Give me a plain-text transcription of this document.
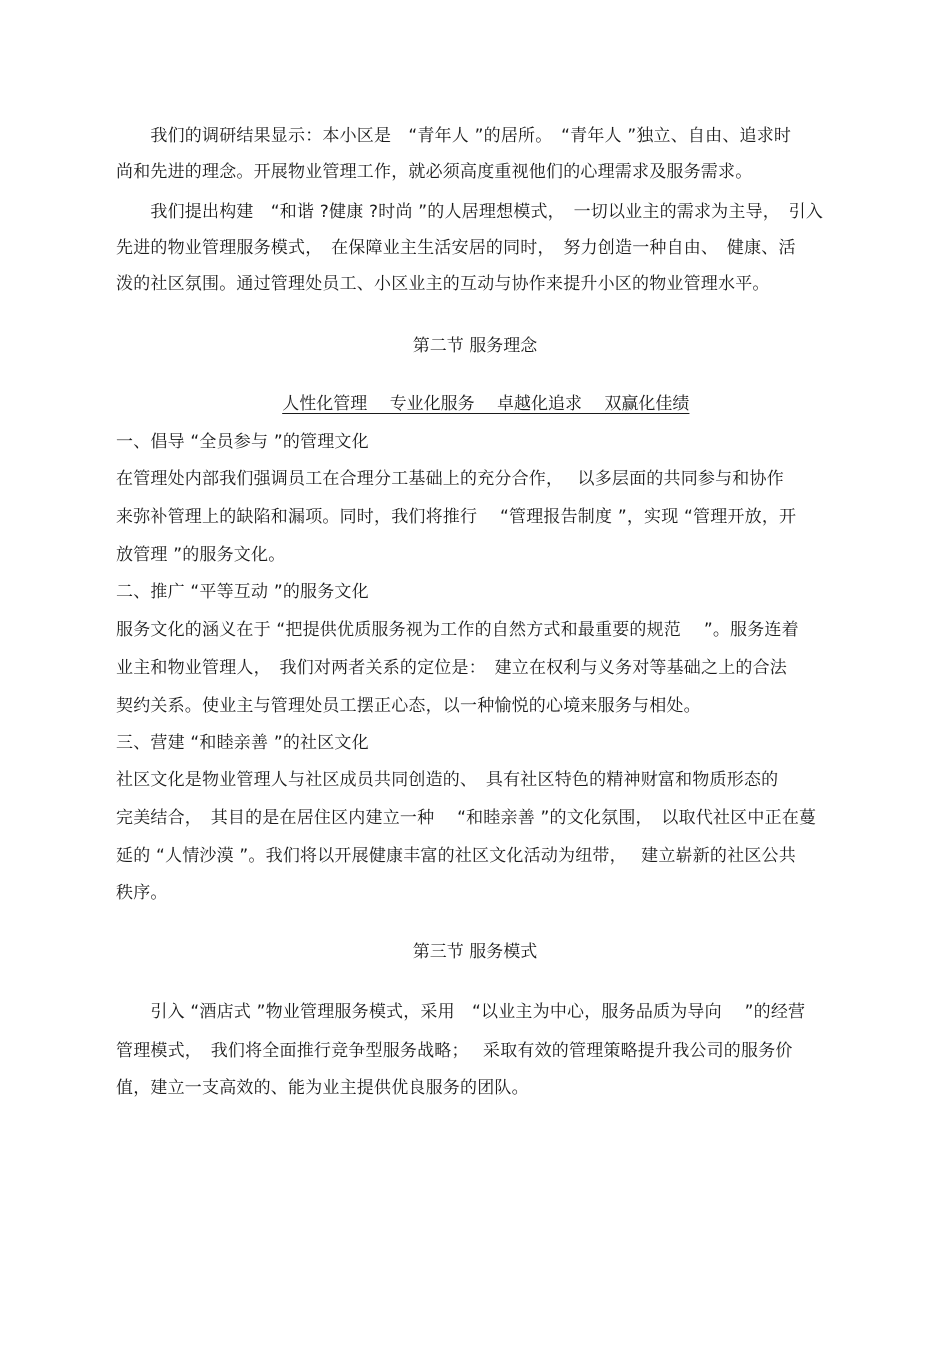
　　我们的调研结果显示：本小区是　“青年人 ”的居所。　“青年人 ”独立、自由、追求时
尚和先进的理念。开展物业管理工作，就必须高度重视他们的心理需求及服务需求。
　　我们提出构建　“和谐 ?健康 ?时尚 ”的人居理想模式，　一切以业主的需求为主导，　引入
先进的物业管理服务模式，　在保障业主生活安居的同时，　努力创造一种自由、　健康、活
泼的社区氛围。通过管理处员工、小区业主的互动与协作来提升小区的物业管理水平。
第二节 服务理念

人性化管理　 专业化服务　 卓越化追求　 双赢化佳绩

一、倡导 “全员参与 ”的管理文化
在管理处内部我们强调员工在合理分工基础上的充分合作，　 以多层面的共同参与和协作
来弥补管理上的缺陷和漏项。同时，我们将推行　 “管理报告制度 ”，实现 “管理开放，开
放管理 ”的服务文化。
二、推广 “平等互动 ”的服务文化
服务文化的涵义在于 “把提供优质服务视为工作的自然方式和最重要的规范　 ”。服务连着
业主和物业管理人，　我们对两者关系的定位是：　建立在权利与义务对等基础之上的合法
契约关系。使业主与管理处员工摆正心态，以一种愉悦的心境来服务与相处。
三、营建 “和睦亲善 ”的社区文化
社区文化是物业管理人与社区成员共同创造的、　具有社区特色的精神财富和物质形态的
完美结合，　其目的是在居住区内建立一种　 “和睦亲善 ”的文化氛围，　以取代社区中正在蔓
延的 “人情沙漠 ”。我们将以开展健康丰富的社区文化活动为纽带，　 建立崭新的社区公共
秩序。
第三节 服务模式
　　引入 “酒店式 ”物业管理服务模式，采用　“以业主为中心，服务品质为导向　 ”的经营
管理模式，　我们将全面推行竞争型服务战略；　 采取有效的管理策略提升我公司的服务价
值，建立一支高效的、能为业主提供优良服务的团队。
